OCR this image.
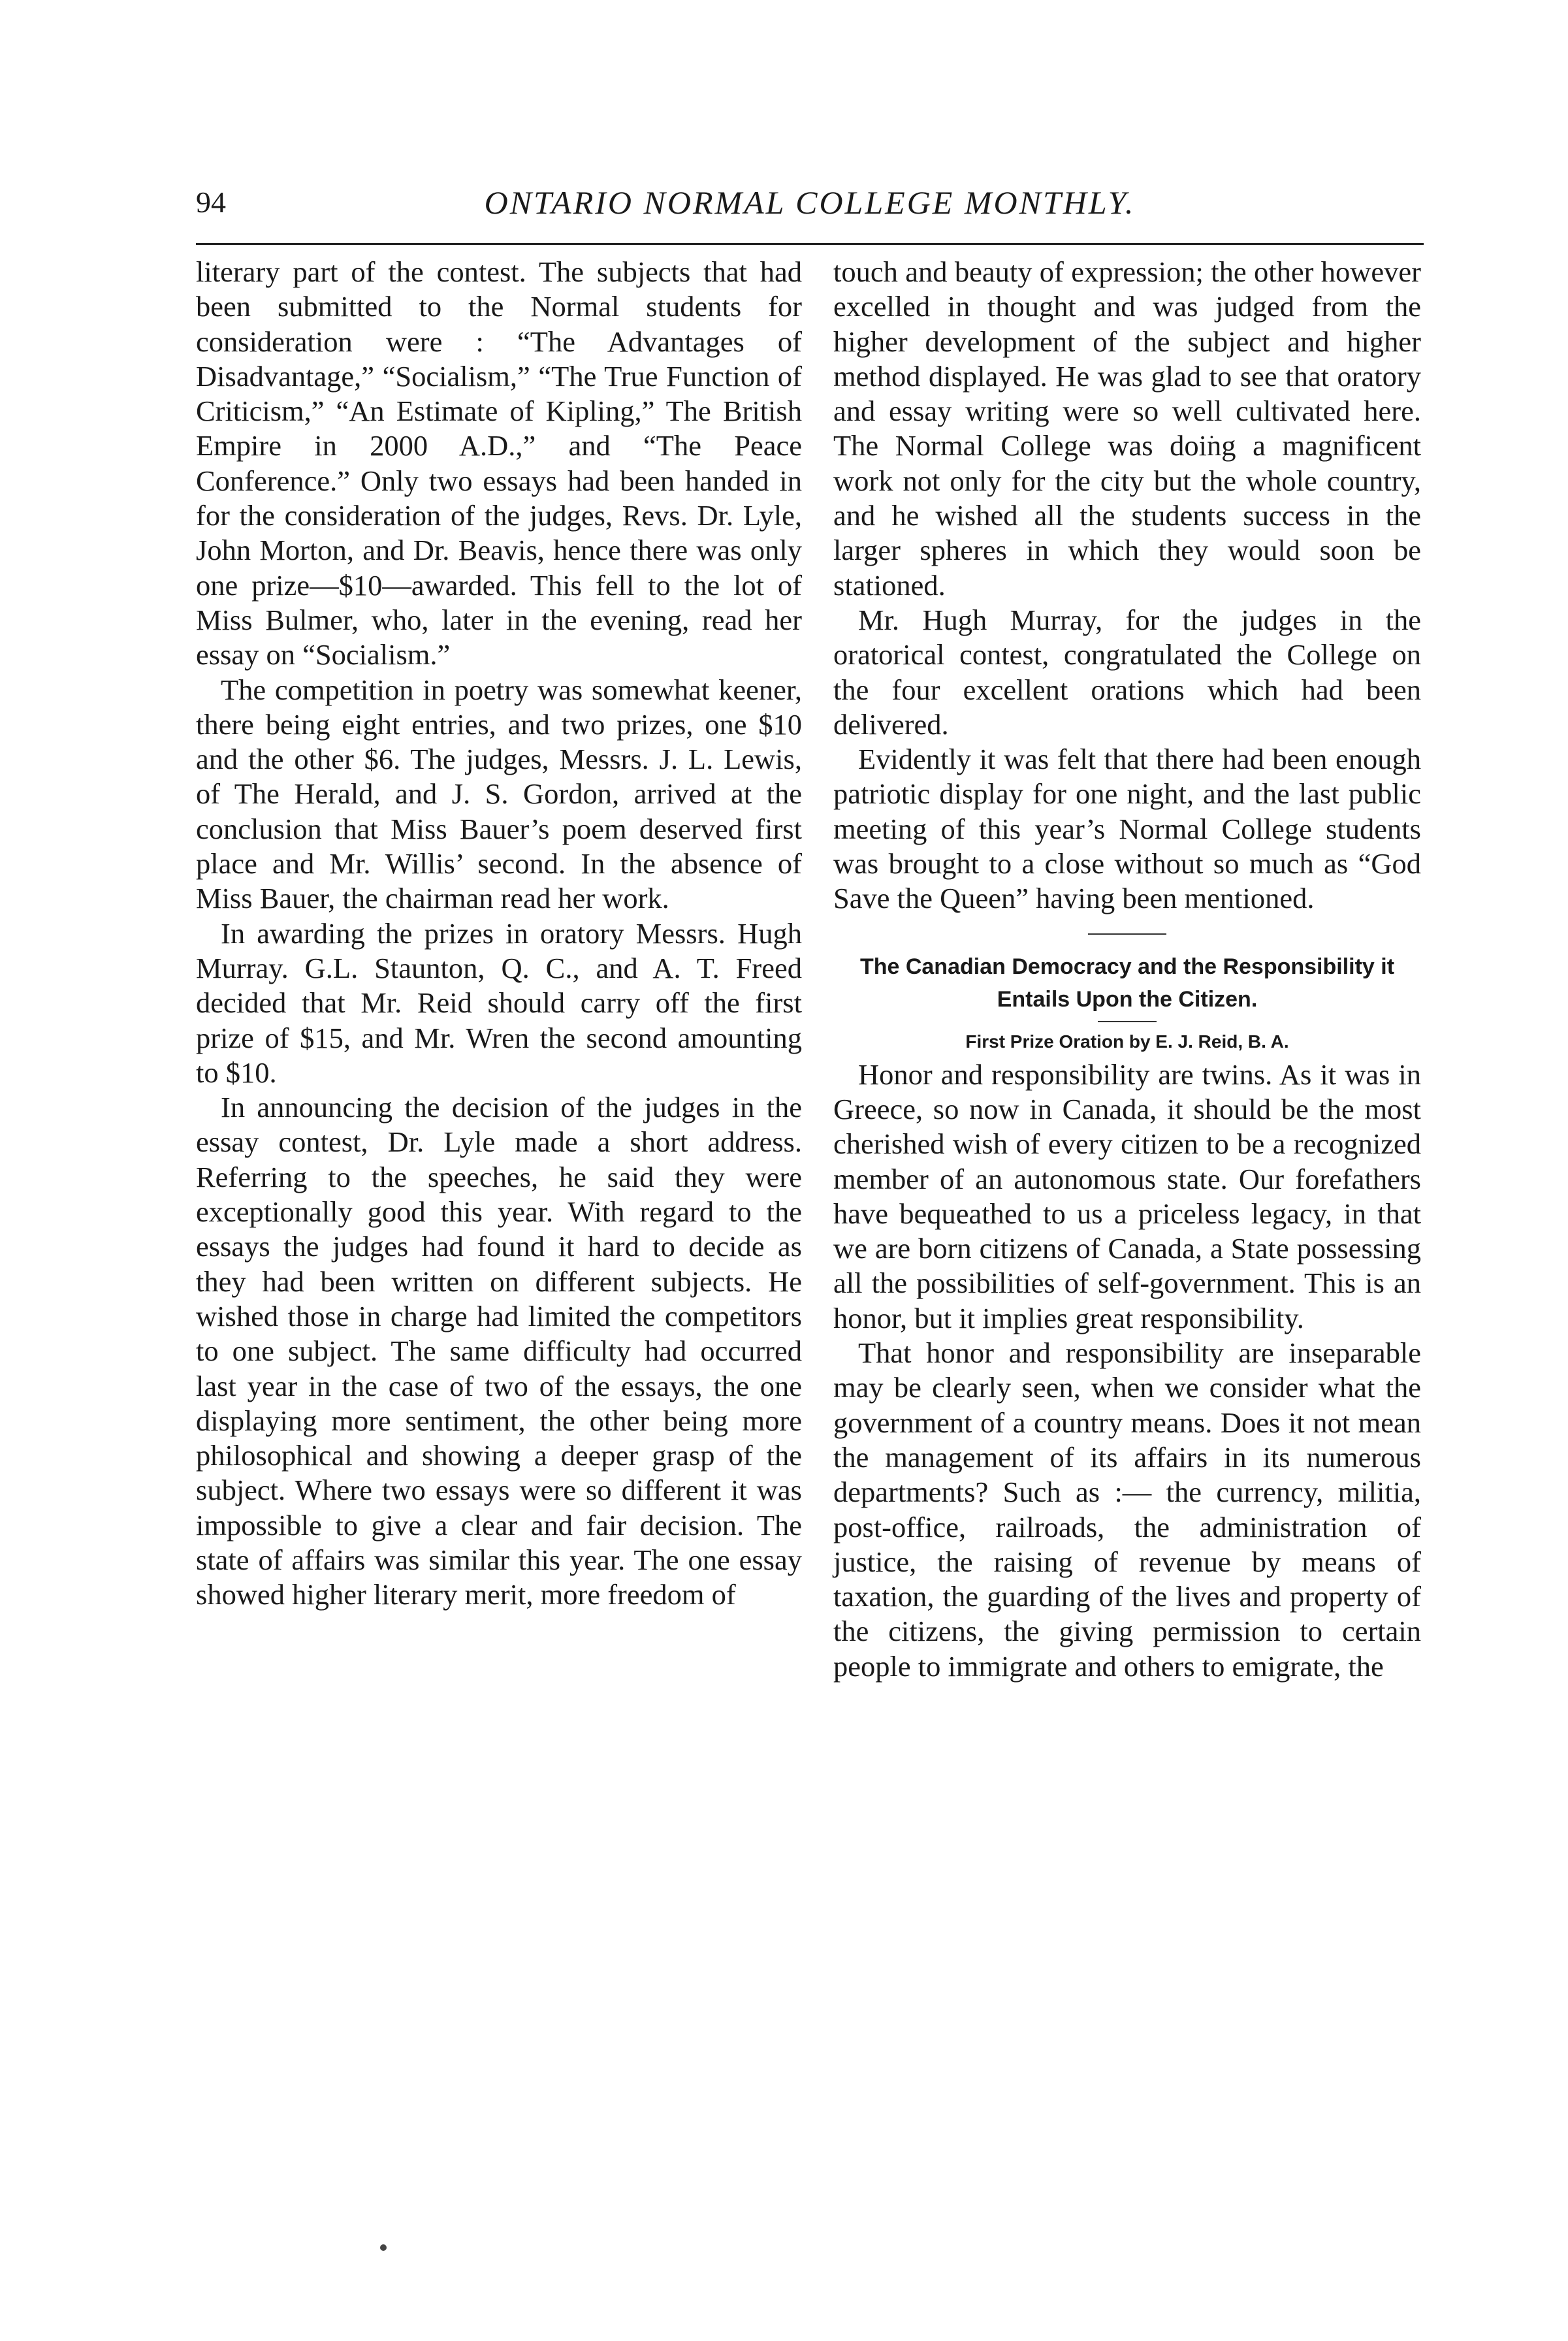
94	ONTARIO NORMAL COLLEGE MONTHLY.

literary part of the contest. The subjects that had been submitted to the Normal students for consideration were : “The Advantages of Disadvantage,” “Socialism,” “The True Function of Criticism,” “An Estimate of Kipling,” The British Empire in 2000 A.D.,” and “The Peace Conference.” Only two essays had been handed in for the consideration of the judges, Revs. Dr. Lyle, John Morton, and Dr. Beavis, hence there was only one prize—$10—awarded. This fell to the lot of Miss Bulmer, who, later in the evening, read her essay on “Socialism.”

The competition in poetry was somewhat keener, there being eight entries, and two prizes, one $10 and the other $6. The judges, Messrs. J. L. Lewis, of The Herald, and J. S. Gordon, arrived at the conclusion that Miss Bauer’s poem deserved first place and Mr. Willis’ second. In the absence of Miss Bauer, the chairman read her work.

In awarding the prizes in oratory Messrs. Hugh Murray. G.L. Staunton, Q. C., and A. T. Freed decided that Mr. Reid should carry off the first prize of $15, and Mr. Wren the second amounting to $10.

In announcing the decision of the judges in the essay contest, Dr. Lyle made a short address. Referring to the speeches, he said they were exceptionally good this year. With regard to the essays the judges had found it hard to decide as they had been written on different subjects. He wished those in charge had limited the competitors to one subject. The same difficulty had occurred last year in the case of two of the essays, the one displaying more sentiment, the other being more philosophical and showing a deeper grasp of the subject. Where two essays were so different it was impossible to give a clear and fair decision. The state of affairs was similar this year. The one essay showed higher literary merit, more freedom of

touch and beauty of expression; the other however excelled in thought and was judged from the higher development of the subject and higher method displayed. He was glad to see that oratory and essay writing were so well cultivated here. The Normal College was doi͘ng a magnificent work not only for the city but the whole country, and he wished all the students success in the larger spheres in which they would soon be stationed.

Mr. Hugh Murray, for the judges in the oratorical contest, congratulated the College on the four excellent orations which had been delivered.

Evidently it was felt that there had been enough patriotic display for one night, and the last public meeting of this year’s Normal College students was brought to a close without so much as “God Save the Queen” having been mentioned.

The Canadian Democracy and the Responsibility it Entails Upon the Citizen.

First Prize Oration by E. J. Reid, B. A.

Honor and responsibility are twins. As it was in Greece, so now in Canada, it should be the most cherished wish of every citizen to be a recognized member of an autonomous state. Our forefathers have bequeathed to us a priceless legacy, in that we are born citizens of Canada, a State possessing all the possibilities of self-government. This is an honor, but it implies great responsibility.

That honor and responsibility are inseparable may be clearly seen, when we consider what the government of a country means. Does it not mean the management of its affairs in its numerous departments? Such as :— the currency, militia, post-office, railroads, the administration of justice, the raising of revenue by means of taxation, the guarding of the lives and property of the citizens, the giving permission to certain people to immigrate and others to emigrate, the
